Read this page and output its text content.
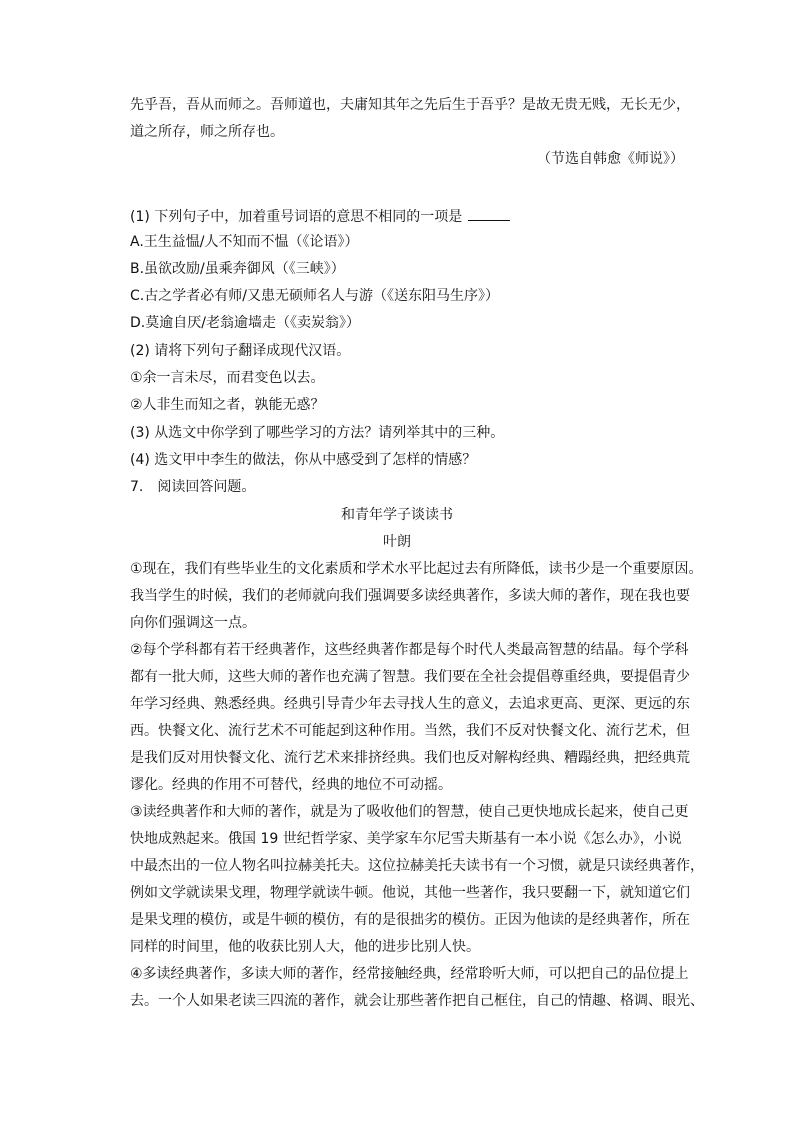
先乎吾，吾从而师之。吾师道也，夫庸知其年之先后生于吾乎？是故无贵无贱，无长无少，
道之所存，师之所存也。
（节选自韩愈《师说》）
(1) 下列句子中，加着重号词语的意思不相同的一项是
A.王生益愠/人不知而不愠（《论语》）
B.虽欲改励/虽乘奔御风（《三峡》）
C.古之学者必有师/又患无硕师名人与游（《送东阳马生序》）
D.莫逾自厌/老翁逾墙走（《卖炭翁》）
(2) 请将下列句子翻译成现代汉语。
①余一言未尽，而君变色以去。
②人非生而知之者，孰能无惑？
(3) 从选文中你学到了哪些学习的方法？请列举其中的三种。
(4) 选文甲中李生的做法，你从中感受到了怎样的情感？
7.　阅读回答问题。
和青年学子谈读书
叶朗
①现在，我们有些毕业生的文化素质和学术水平比起过去有所降低，读书少是一个重要原因。
我当学生的时候，我们的老师就向我们强调要多读经典著作，多读大师的著作，现在我也要
向你们强调这一点。
②每个学科都有若干经典著作，这些经典著作都是每个时代人类最高智慧的结晶。每个学科
都有一批大师，这些大师的著作也充满了智慧。我们要在全社会提倡尊重经典，要提倡青少
年学习经典、熟悉经典。经典引导青少年去寻找人生的意义，去追求更高、更深、更远的东
西。快餐文化、流行艺术不可能起到这种作用。当然，我们不反对快餐文化、流行艺术，但
是我们反对用快餐文化、流行艺术来排挤经典。我们也反对解构经典、糟蹋经典，把经典荒
谬化。经典的作用不可替代，经典的地位不可动摇。
③读经典著作和大师的著作，就是为了吸收他们的智慧，使自己更快地成长起来，使自己更
快地成熟起来。俄国 19 世纪哲学家、美学家车尔尼雪夫斯基有一本小说《怎么办》，小说
中最杰出的一位人物名叫拉赫美托夫。这位拉赫美托夫读书有一个习惯，就是只读经典著作，
例如文学就读果戈理，物理学就读牛顿。他说，其他一些著作，我只要翻一下，就知道它们
是果戈理的模仿，或是牛顿的模仿，有的是很拙劣的模仿。正因为他读的是经典著作，所在
同样的时间里，他的收获比别人大，他的进步比别人快。
④多读经典著作，多读大师的著作，经常接触经典，经常聆听大师，可以把自己的品位提上
去。一个人如果老读三四流的著作，就会让那些著作把自己框住，自己的情趣、格调、眼光、
